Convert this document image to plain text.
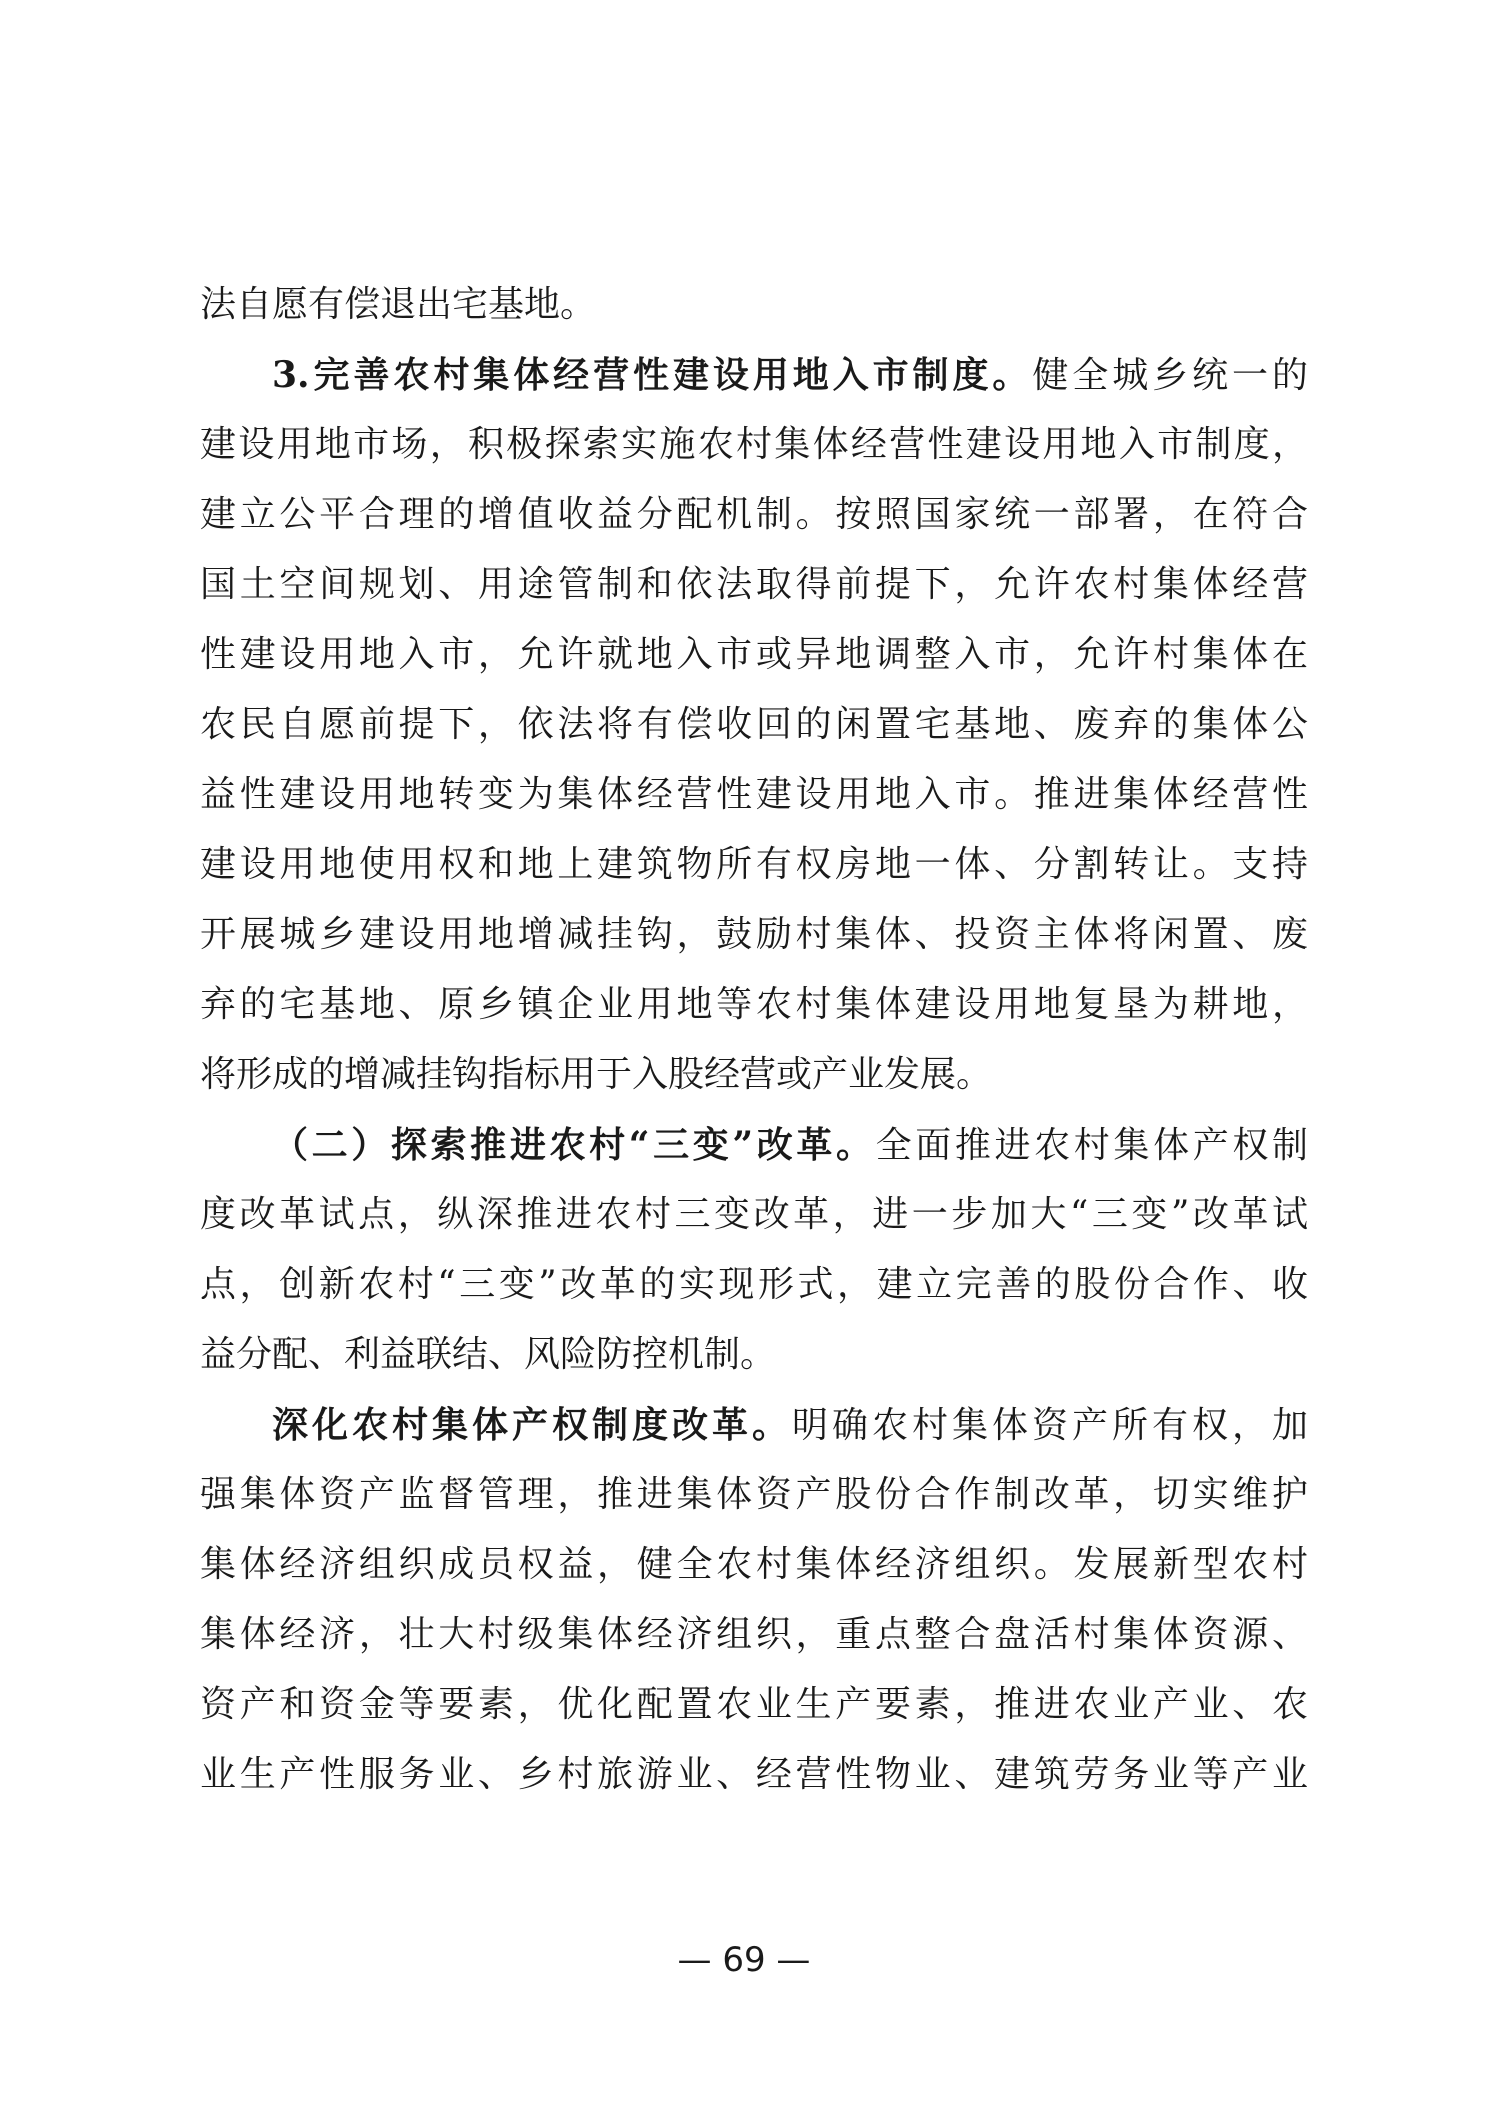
法自愿有偿退出宅基地。
3.完善农村集体经营性建设用地入市制度。健全城乡统一的
建设用地市场，积极探索实施农村集体经营性建设用地入市制度，
建立公平合理的增值收益分配机制。按照国家统一部署，在符合
国土空间规划、用途管制和依法取得前提下，允许农村集体经营
性建设用地入市，允许就地入市或异地调整入市，允许村集体在
农民自愿前提下，依法将有偿收回的闲置宅基地、废弃的集体公
益性建设用地转变为集体经营性建设用地入市。推进集体经营性
建设用地使用权和地上建筑物所有权房地一体、分割转让。支持
开展城乡建设用地增减挂钩，鼓励村集体、投资主体将闲置、废
弃的宅基地、原乡镇企业用地等农村集体建设用地复垦为耕地，
将形成的增减挂钩指标用于入股经营或产业发展。
（二）探索推进农村“三变”改革。全面推进农村集体产权制
度改革试点，纵深推进农村三变改革，进一步加大“三变”改革试
点，创新农村“三变”改革的实现形式，建立完善的股份合作、收
益分配、利益联结、风险防控机制。
深化农村集体产权制度改革。明确农村集体资产所有权，加
强集体资产监督管理，推进集体资产股份合作制改革，切实维护
集体经济组织成员权益，健全农村集体经济组织。发展新型农村
集体经济，壮大村级集体经济组织，重点整合盘活村集体资源、
资产和资金等要素，优化配置农业生产要素，推进农业产业、农
业生产性服务业、乡村旅游业、经营性物业、建筑劳务业等产业
— 69 —
